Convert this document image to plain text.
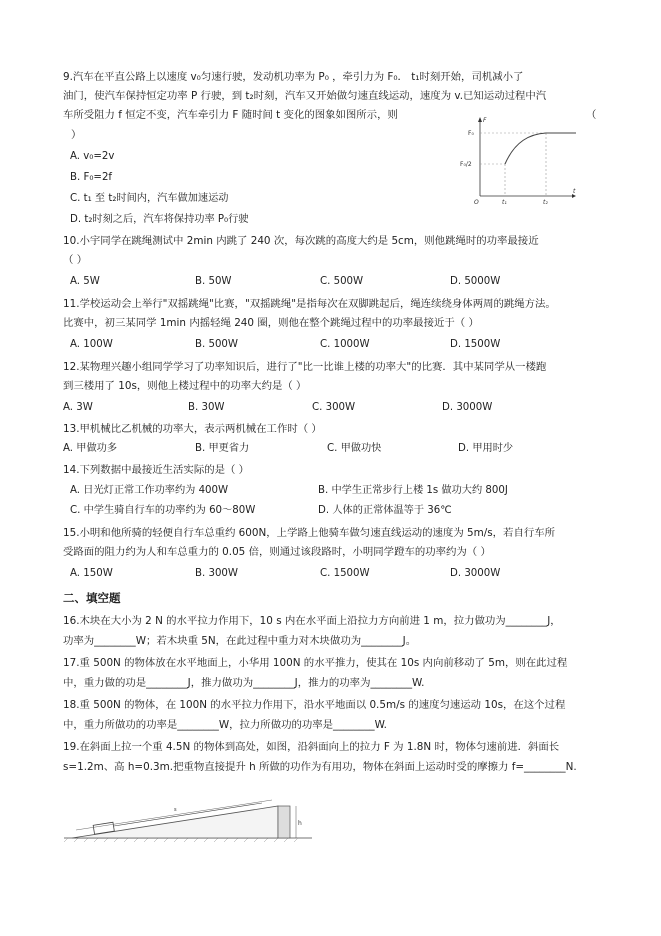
9.汽车在平直公路上以速度 v₀匀速行驶，发动机功率为 P₀ ，牵引力为 F₀． t₁时刻开始，司机减小了
油门，使汽车保持恒定功率 P 行驶，到 t₂时刻，汽车又开始做匀速直线运动，速度为 v.已知运动过程中汽
车所受阻力 f 恒定不变，汽车牵引力 F 随时间 t 变化的图象如图所示，则	（
）
A. v₀=2v
B. F₀=2f
C. t₁ 至 t₂时间内，汽车做加速运动
D. t₂时刻之后，汽车将保持功率 P₀行驶
F
t
F₀
F₀/2
O	t₁	t₂
10.小宇同学在跳绳测试中 2min 内跳了 240 次，每次跳的高度大约是 5cm，则他跳绳时的功率最接近
（ ）
A. 5W	B. 50W	C. 500W	D. 5000W
11.学校运动会上举行"双摇跳绳"比赛，"双摇跳绳"是指每次在双脚跳起后，绳连续绕身体两周的跳绳方法。
比赛中，初三某同学 1min 内摇轻绳 240 圈，则他在整个跳绳过程中的功率最接近于（ ）
A. 100W	B. 500W	C. 1000W	D. 1500W
12.某物理兴趣小组同学学习了功率知识后，进行了"比一比谁上楼的功率大"的比赛．其中某同学从一楼跑
到三楼用了 10s，则他上楼过程中的功率大约是（ ）
A. 3W	B. 30W	C. 300W	D. 3000W
13.甲机械比乙机械的功率大，表示两机械在工作时（ ）
A. 甲做功多	B. 甲更省力	C. 甲做功快	D. 甲用时少
14.下列数据中最接近生活实际的是（ ）
A. 日光灯正常工作功率约为 400W	B. 中学生正常步行上楼 1s 做功大约 800J
C. 中学生骑自行车的功率约为 60～80W	D. 人体的正常体温等于 36℃
15.小明和他所骑的轻便自行车总重约 600N，上学路上他骑车做匀速直线运动的速度为 5m/s，若自行车所
受路面的阻力约为人和车总重力的 0.05 倍，则通过该段路时，小明同学蹬车的功率约为（ ）
A. 150W	B. 300W	C. 1500W	D. 3000W
二、填空题
16.木块在大小为 2 N 的水平拉力作用下，10 s 内在水平面上沿拉力方向前进 1 m，拉力做功为________J，
功率为________W；若木块重 5N，在此过程中重力对木块做功为________J。
17.重 500N 的物体放在水平地面上，小华用 100N 的水平推力，使其在 10s 内向前移动了 5m，则在此过程
中，重力做的功是________J，推力做功为________J，推力的功率为________W.
18.重 500N 的物体，在 100N 的水平拉力作用下，沿水平地面以 0.5m/s 的速度匀速运动 10s，在这个过程
中，重力所做功的功率是________W，拉力所做功的功率是________W.
19.在斜面上拉一个重 4.5N 的物体到高处，如图，沿斜面向上的拉力 F 为 1.8N 时，物体匀速前进．斜面长
s=1.2m、高 h=0.3m.把重物直接提升 h 所做的功作为有用功，物体在斜面上运动时受的摩擦力 f=________N.
s
h
